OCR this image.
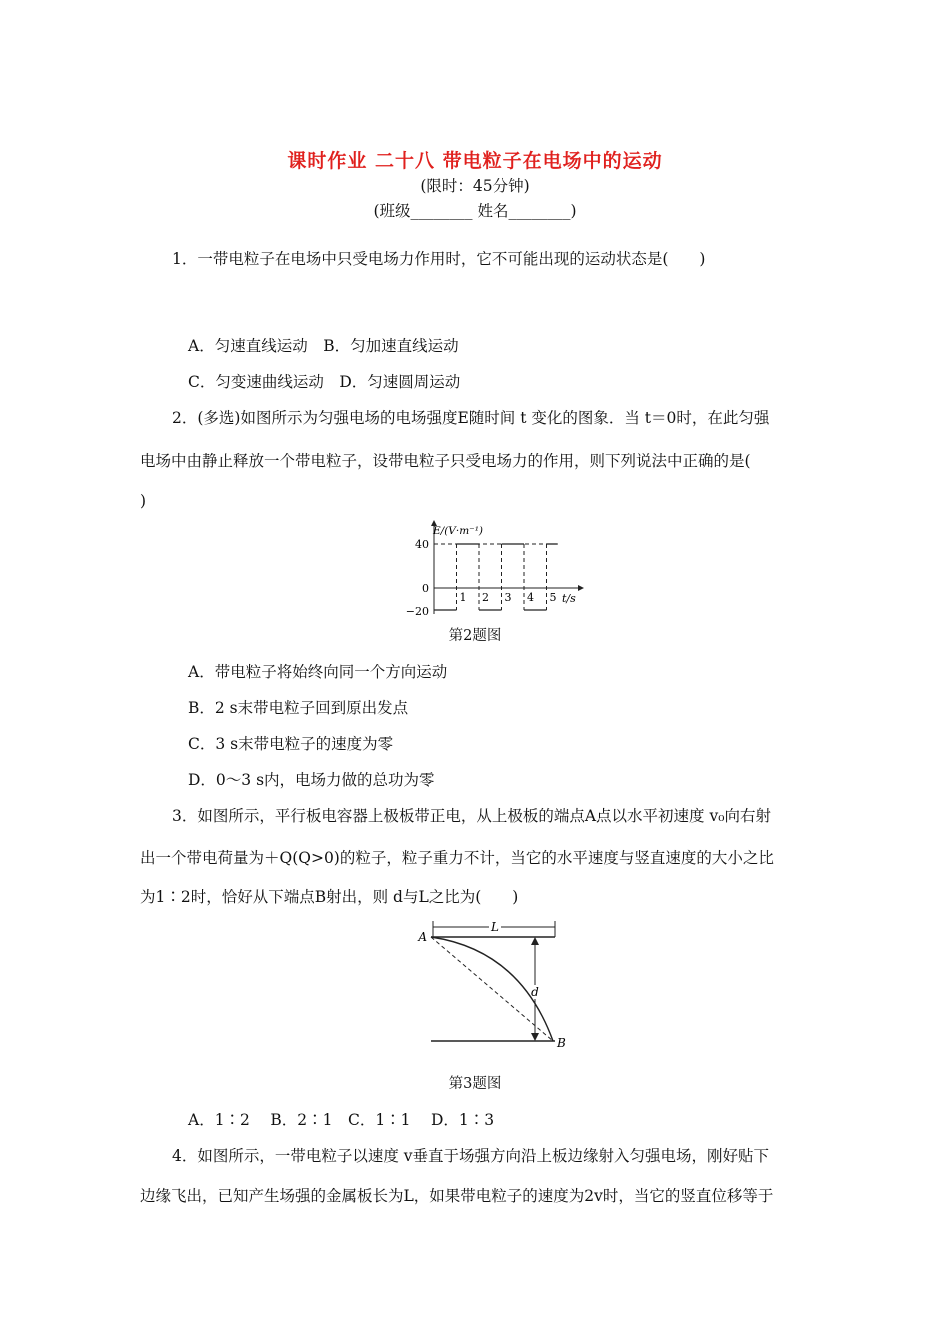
课时作业 二十八 带电粒子在电场中的运动
(限时：45分钟)
(班级________ 姓名________)
1．一带电粒子在电场中只受电场力作用时，它不可能出现的运动状态是(　　)
A．匀速直线运动　B．匀加速直线运动
C．匀变速曲线运动　D．匀速圆周运动
2．(多选)如图所示为匀强电场的电场强度E随时间 t 变化的图象．当 t＝0时，在此匀强
电场中由静止释放一个带电粒子，设带电粒子只受电场力的作用，则下列说法中正确的是(
)
1 2 3 4 5
E/(V·m⁻¹)
t/s
40
0
−20
第2题图
A．带电粒子将始终向同一个方向运动
B．2 s末带电粒子回到原出发点
C．3 s末带电粒子的速度为零
D．0～3 s内，电场力做的总功为零
3．如图所示，平行板电容器上极板带正电，从上极板的端点A点以水平初速度 v₀向右射
出一个带电荷量为＋Q(Q>0)的粒子，粒子重力不计，当它的水平速度与竖直速度的大小之比
为1∶2时，恰好从下端点B射出，则 d与L之比为(　　)
L
d
A
B
第3题图
A．1∶2　 B．2∶1　C．1∶1　 D．1∶3
4．如图所示，一带电粒子以速度 v垂直于场强方向沿上板边缘射入匀强电场，刚好贴下
边缘飞出，已知产生场强的金属板长为L，如果带电粒子的速度为2v时，当它的竖直位移等于
